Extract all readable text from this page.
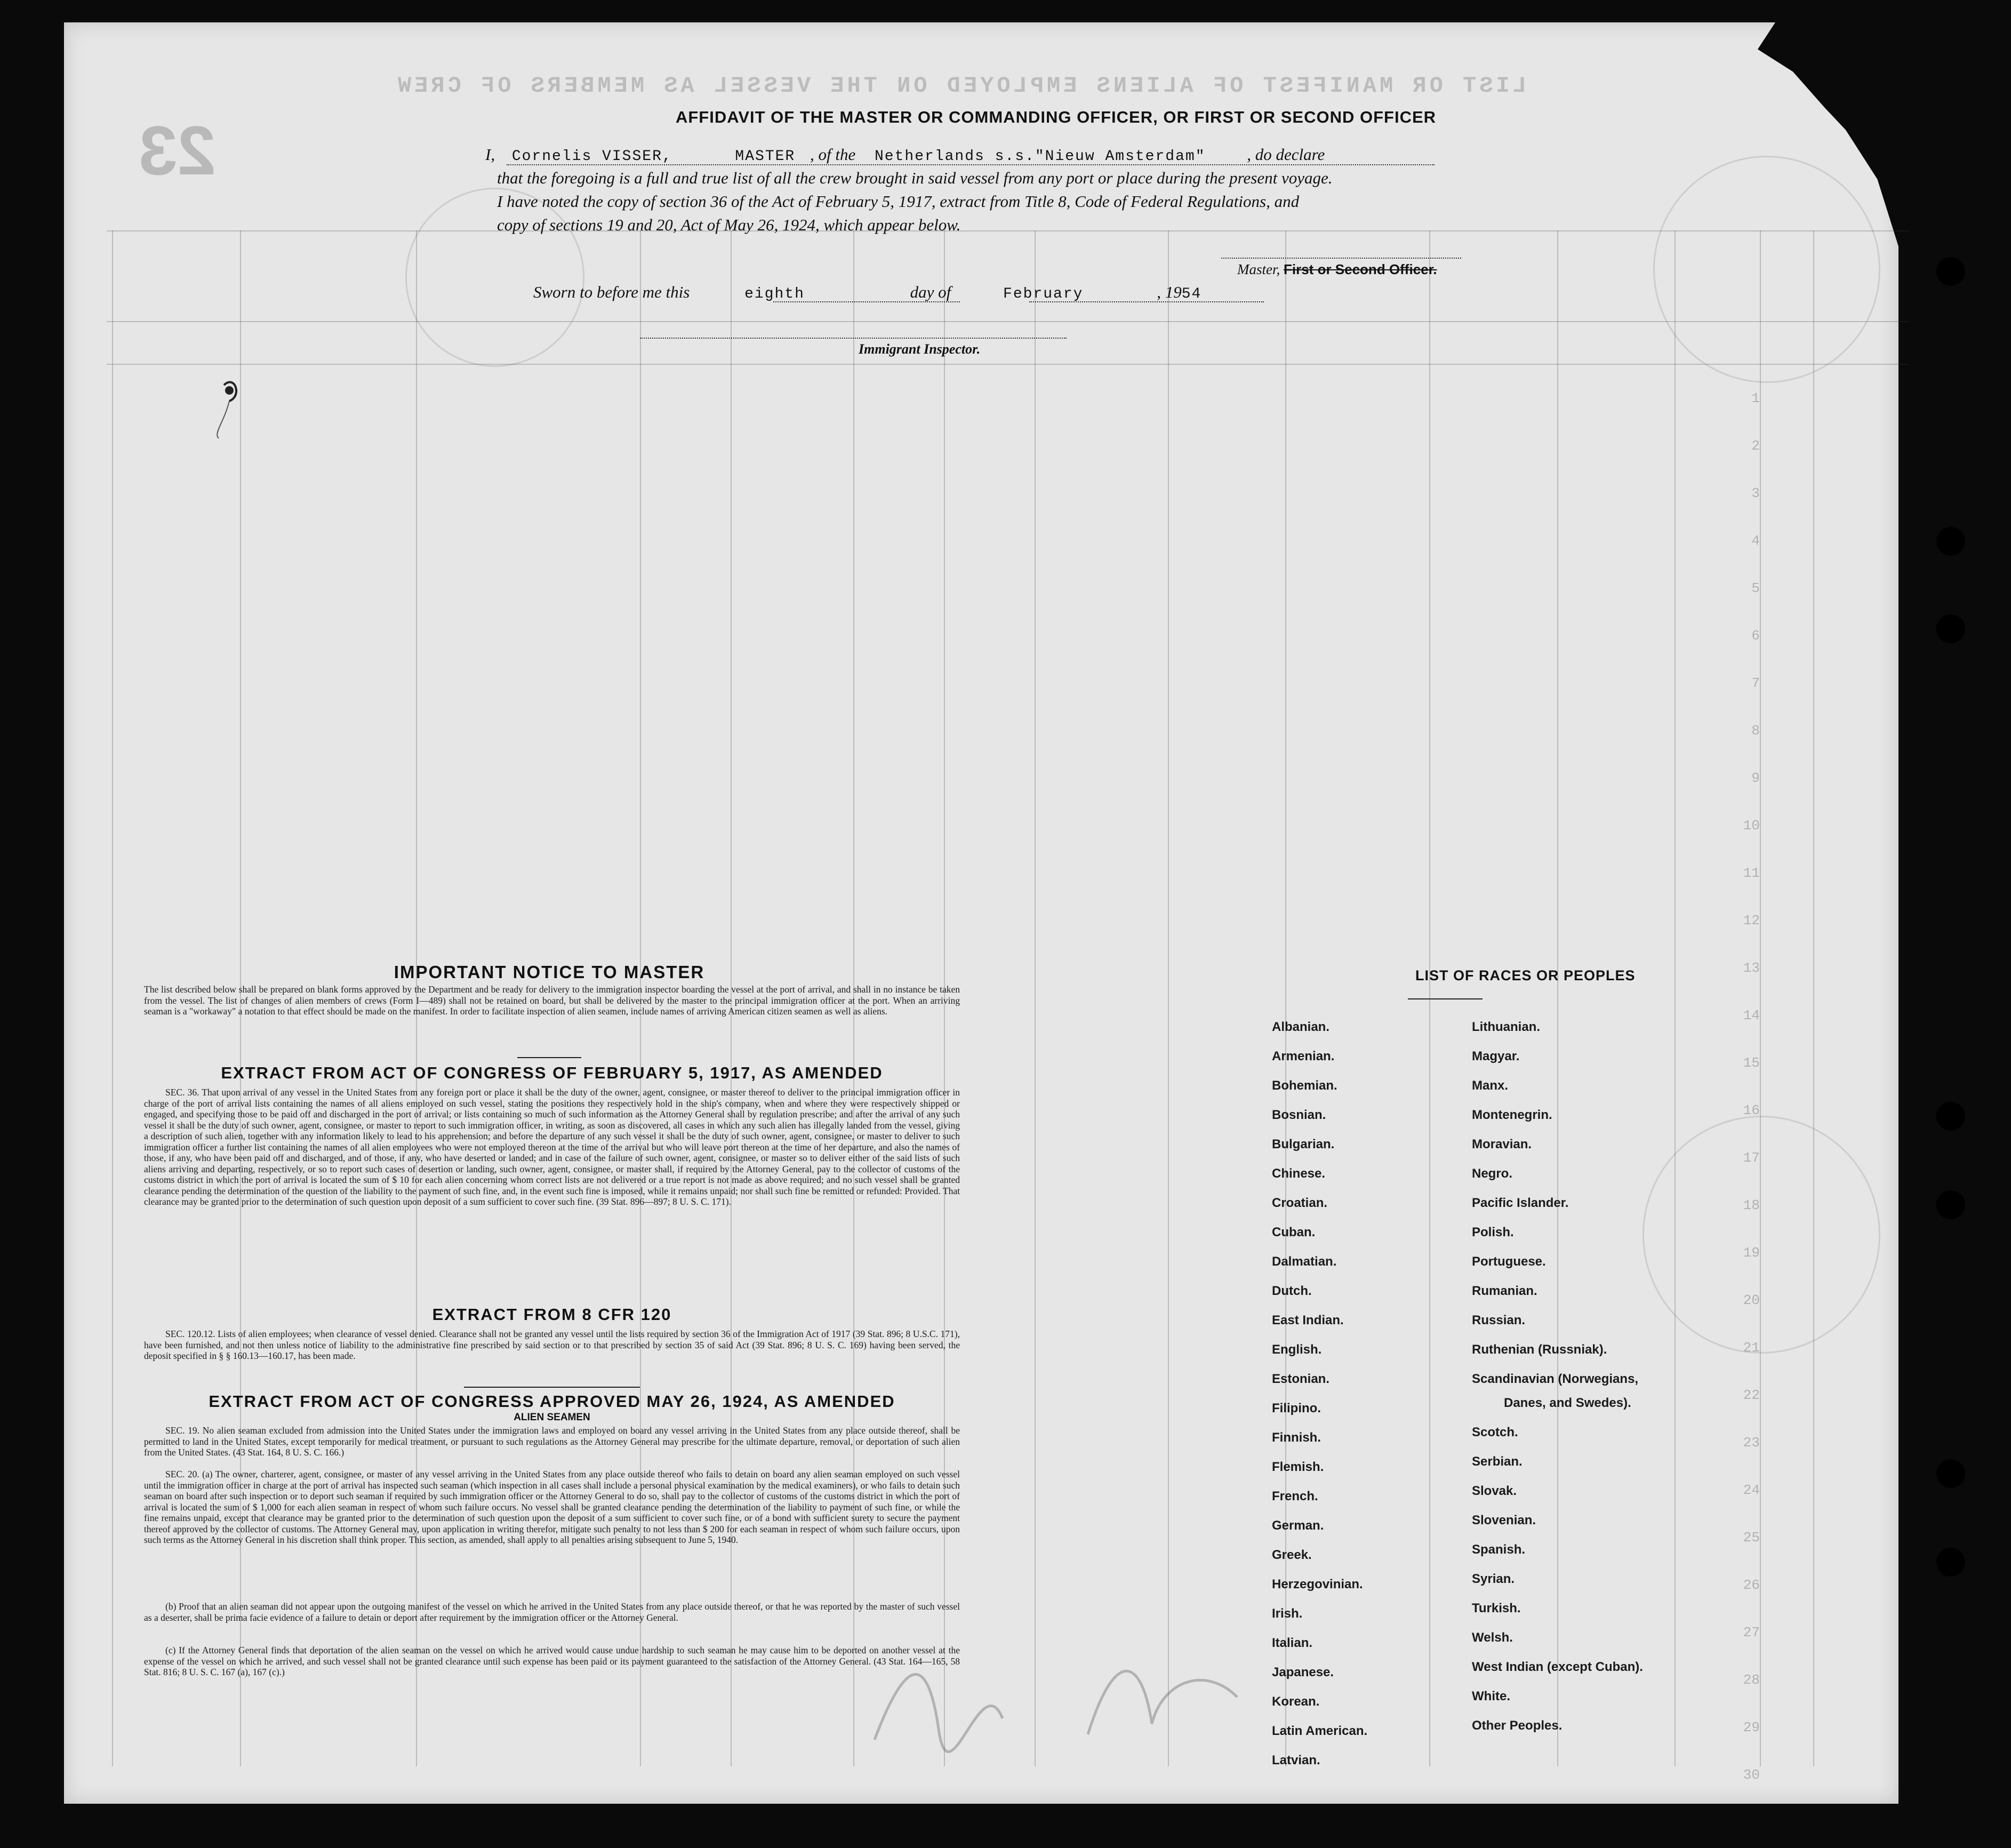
23
LIST OR MANIFEST OF ALIENS EMPLOYED ON THE VESSEL AS MEMBERS OF CREW
1
2
3
4
5
6
7
8
9
10
11
12
13
14
15
16
17
18
19
20
21
22
23
24
25
26
27
28
29
30
AFFIDAVIT OF THE MASTER OR COMMANDING OFFICER, OR FIRST OR SECOND OFFICER
I, Cornelis VISSER,	MASTER , of the Netherlands s.s."Nieuw Amsterdam"	, do declare
that the foregoing is a full and true list of all the crew brought in said vessel from any port or place during the present voyage.
I have noted the copy of section 36 of the Act of February 5, 1917, extract from Title 8, Code of Federal Regulations, and
copy of sections 19 and 20, Act of May 26, 1924, which appear below.
Master, First or Second Officer.
Sworn to before me this	eighth	day of	February	, 1954
Immigrant Inspector.
IMPORTANT NOTICE TO MASTER
The list described below shall be prepared on blank forms approved by the Department and be ready for delivery to the immigration inspector boarding the vessel at the port of arrival, and shall in no instance be taken from the vessel. The list of changes of alien members of crews (Form I—489) shall not be retained on board, but shall be delivered by the master to the principal immigration officer at the port. When an arriving seaman is a "workaway" a notation to that effect should be made on the manifest. In order to facilitate inspection of alien seamen, include names of arriving American citizen seamen as well as aliens.
EXTRACT FROM ACT OF CONGRESS OF FEBRUARY 5, 1917, AS AMENDED
SEC. 36. That upon arrival of any vessel in the United States from any foreign port or place it shall be the duty of the owner, agent, consignee, or master thereof to deliver to the principal immigration officer in charge of the port of arrival lists containing the names of all aliens employed on such vessel, stating the positions they respectively hold in the ship's company, when and where they were respectively shipped or engaged, and specifying those to be paid off and discharged in the port of arrival; or lists containing so much of such information as the Attorney General shall by regulation prescribe; and after the arrival of any such vessel it shall be the duty of such owner, agent, consignee, or master to report to such immigration officer, in writing, as soon as discovered, all cases in which any such alien has illegally landed from the vessel, giving a description of such alien, together with any information likely to lead to his apprehension; and before the departure of any such vessel it shall be the duty of such owner, agent, consignee, or master to deliver to such immigration officer a further list containing the names of all alien employees who were not employed thereon at the time of the arrival but who will leave port thereon at the time of her departure, and also the names of those, if any, who have been paid off and discharged, and of those, if any, who have deserted or landed; and in case of the failure of such owner, agent, consignee, or master so to deliver either of the said lists of such aliens arriving and departing, respectively, or so to report such cases of desertion or landing, such owner, agent, consignee, or master shall, if required by the Attorney General, pay to the collector of customs of the customs district in which the port of arrival is located the sum of $ 10 for each alien concerning whom correct lists are not delivered or a true report is not made as above required; and no such vessel shall be granted clearance pending the determination of the question of the liability to the payment of such fine, and, in the event such fine is imposed, while it remains unpaid; nor shall such fine be remitted or refunded: Provided. That clearance may be granted prior to the determination of such question upon deposit of a sum sufficient to cover such fine. (39 Stat. 896—897; 8 U. S. C. 171).
EXTRACT FROM 8 CFR 120
SEC. 120.12. Lists of alien employees; when clearance of vessel denied. Clearance shall not be granted any vessel until the lists required by section 36 of the Immigration Act of 1917 (39 Stat. 896; 8 U.S.C. 171), have been furnished, and not then unless notice of liability to the administrative fine prescribed by said section or to that prescribed by section 35 of said Act (39 Stat. 896; 8 U. S. C. 169) having been served, the deposit specified in § § 160.13—160.17, has been made.
EXTRACT FROM ACT OF CONGRESS APPROVED MAY 26, 1924, AS AMENDED
ALIEN SEAMEN
SEC. 19. No alien seaman excluded from admission into the United States under the immigration laws and employed on board any vessel arriving in the United States from any place outside thereof, shall be permitted to land in the United States, except temporarily for medical treatment, or pursuant to such regulations as the Attorney General may prescribe for the ultimate departure, removal, or deportation of such alien from the United States. (43 Stat. 164, 8 U. S. C. 166.)
SEC. 20. (a) The owner, charterer, agent, consignee, or master of any vessel arriving in the United States from any place outside thereof who fails to detain on board any alien seaman employed on such vessel until the immigration officer in charge at the port of arrival has inspected such seaman (which inspection in all cases shall include a personal physical examination by the medical examiners), or who fails to detain such seaman on board after such inspection or to deport such seaman if required by such immigration officer or the Attorney General to do so, shall pay to the collector of customs of the customs district in which the port of arrival is located the sum of $ 1,000 for each alien seaman in respect of whom such failure occurs. No vessel shall be granted clearance pending the determination of the liability to payment of such fine, or while the fine remains unpaid, except that clearance may be granted prior to the determination of such question upon the deposit of a sum sufficient to cover such fine, or of a bond with sufficient surety to secure the payment thereof approved by the collector of customs. The Attorney General may, upon application in writing therefor, mitigate such penalty to not less than $ 200 for each seaman in respect of whom such failure occurs, upon such terms as the Attorney General in his discretion shall think proper. This section, as amended, shall apply to all penalties arising subsequent to June 5, 1940.
(b) Proof that an alien seaman did not appear upon the outgoing manifest of the vessel on which he arrived in the United States from any place outside thereof, or that he was reported by the master of such vessel as a deserter, shall be prima facie evidence of a failure to detain or deport after requirement by the immigration officer or the Attorney General.
(c) If the Attorney General finds that deportation of the alien seaman on the vessel on which he arrived would cause undue hardship to such seaman he may cause him to be deported on another vessel at the expense of the vessel on which he arrived, and such vessel shall not be granted clearance until such expense has been paid or its payment guaranteed to the satisfaction of the Attorney General. (43 Stat. 164—165, 58 Stat. 816; 8 U. S. C. 167 (a), 167 (c).)
LIST OF RACES OR PEOPLES
Albanian.
Armenian.
Bohemian.
Bosnian.
Bulgarian.
Chinese.
Croatian.
Cuban.
Dalmatian.
Dutch.
East Indian.
English.
Estonian.
Filipino.
Finnish.
Flemish.
French.
German.
Greek.
Herzegovinian.
Irish.
Italian.
Japanese.
Korean.
Latin American.
Latvian.
Lithuanian.
Magyar.
Manx.
Montenegrin.
Moravian.
Negro.
Pacific Islander.
Polish.
Portuguese.
Rumanian.
Russian.
Ruthenian (Russniak).
Scandinavian (Norwegians,
Danes, and Swedes).
Scotch.
Serbian.
Slovak.
Slovenian.
Spanish.
Syrian.
Turkish.
Welsh.
West Indian (except Cuban).
White.
Other Peoples.
